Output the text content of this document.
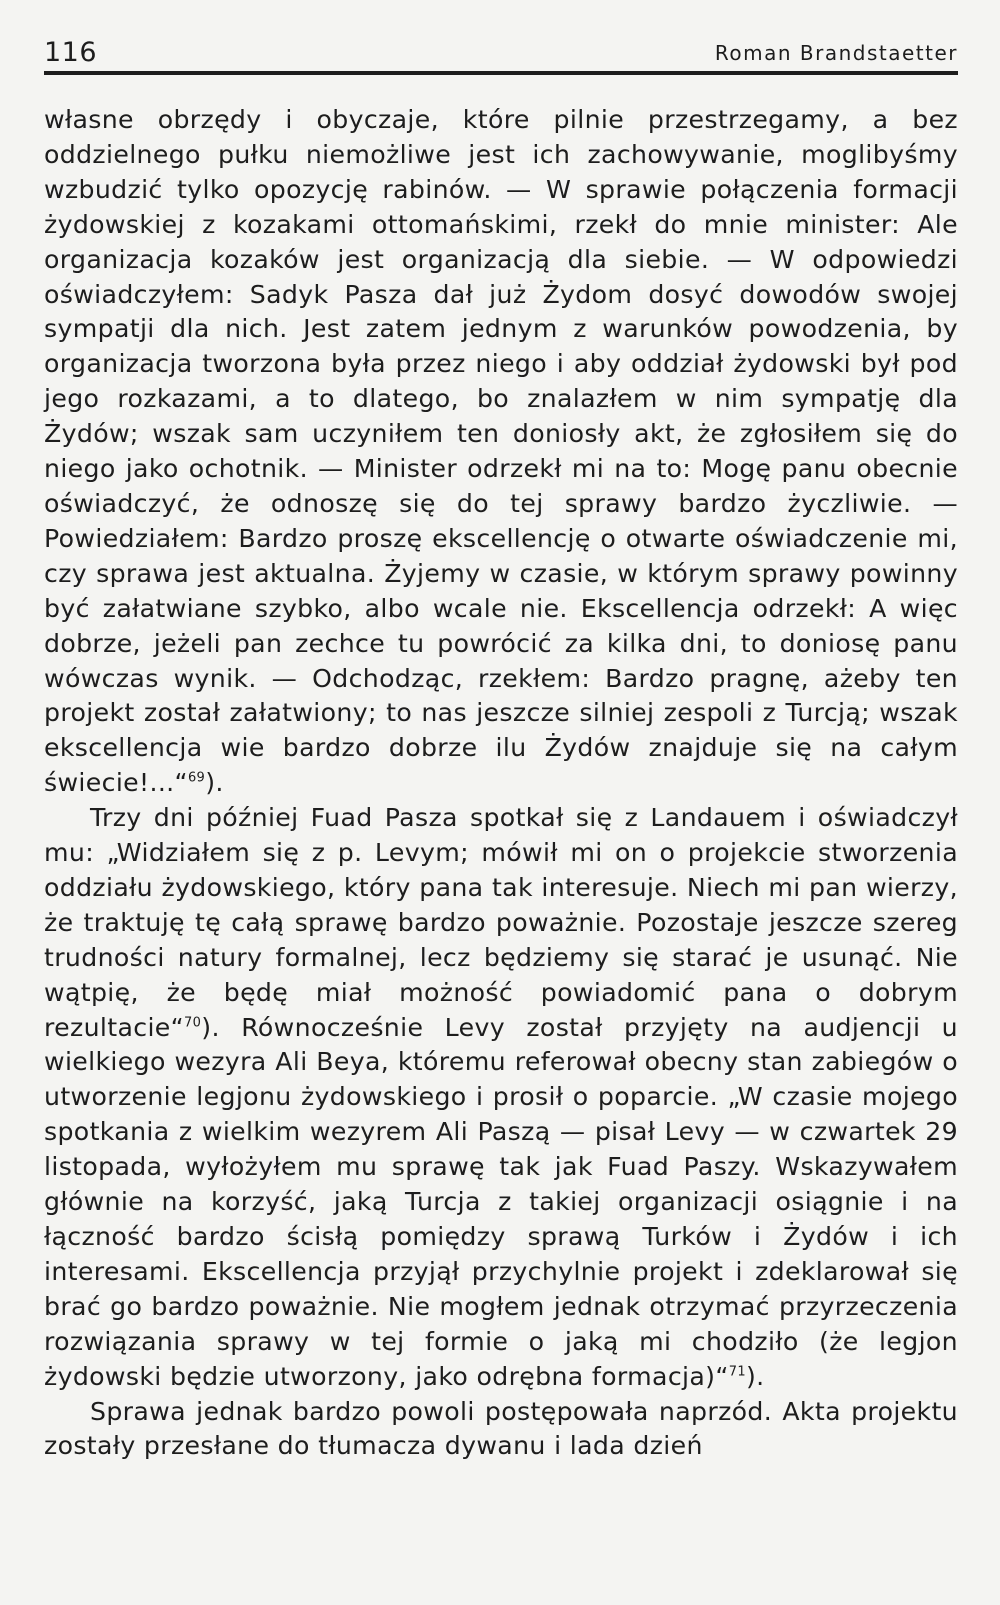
116	Roman Brandstaetter

własne obrzędy i obyczaje, które pilnie przestrzegamy, a bez oddzielnego pułku niemożliwe jest ich zachowywanie, moglibyśmy wzbudzić tylko opozycję rabinów. — W sprawie połączenia formacji żydowskiej z kozakami ottomańskimi, rzekł do mnie minister: Ale organizacja kozaków jest organizacją dla siebie. — W odpowiedzi oświadczyłem: Sadyk Pasza dał już Żydom dosyć dowodów swojej sympatji dla nich. Jest zatem jednym z warunków powodzenia, by organizacja tworzona była przez niego i aby oddział żydowski był pod jego rozkazami, a to dlatego, bo znalazłem w nim sympatję dla Żydów; wszak sam uczyniłem ten doniosły akt, że zgłosiłem się do niego jako ochotnik. — Minister odrzekł mi na to: Mogę panu obecnie oświadczyć, że odnoszę się do tej sprawy bardzo życzliwie. — Powiedziałem: Bardzo proszę ekscellencję o otwarte oświadczenie mi, czy sprawa jest aktualna. Żyjemy w czasie, w którym sprawy powinny być załatwiane szybko, albo wcale nie. Ekscellencja odrzekł: A więc dobrze, jeżeli pan zechce tu powrócić za kilka dni, to doniosę panu wówczas wynik. — Odchodząc, rzekłem: Bardzo pragnę, ażeby ten projekt został załatwiony; to nas jeszcze silniej zespoli z Turcją; wszak ekscellencja wie bardzo dobrze ilu Żydów znajduje się na całym świecie!...“$^{69}$).

Trzy dni później Fuad Pasza spotkał się z Landauem i oświadczył mu: „Widziałem się z p. Levym; mówił mi on o projekcie stworzenia oddziału żydowskiego, który pana tak interesuje. Niech mi pan wierzy, że traktuję tę całą sprawę bardzo poważnie. Pozostaje jeszcze szereg trudności natury formalnej, lecz będziemy się starać je usunąć. Nie wątpię, że będę miał możność powiadomić pana o dobrym rezultacie“$^{70}$). Równocześnie Levy został przyjęty na audjencji u wielkiego wezyra Ali Beya, któremu referował obecny stan zabiegów o utworzenie legjonu żydowskiego i prosił o poparcie. „W czasie mojego spotkania z wielkim wezyrem Ali Paszą — pisał Levy — w czwartek 29 listopada, wyłożyłem mu sprawę tak jak Fuad Paszy. Wskazywałem głównie na korzyść, jaką Turcja z takiej organizacji osiągnie i na łączność bardzo ścisłą pomiędzy sprawą Turków i Żydów i ich interesami. Ekscellencja przyjął przychylnie projekt i zdeklarował się brać go bardzo poważnie. Nie mogłem jednak otrzymać przyrzeczenia rozwiązania sprawy w tej formie o jaką mi chodziło (że legjon żydowski będzie utworzony, jako odrębna formacja)“$^{71}$).

Sprawa jednak bardzo powoli postępowała naprzód. Akta projektu zostały przesłane do tłumacza dywanu i lada dzień
